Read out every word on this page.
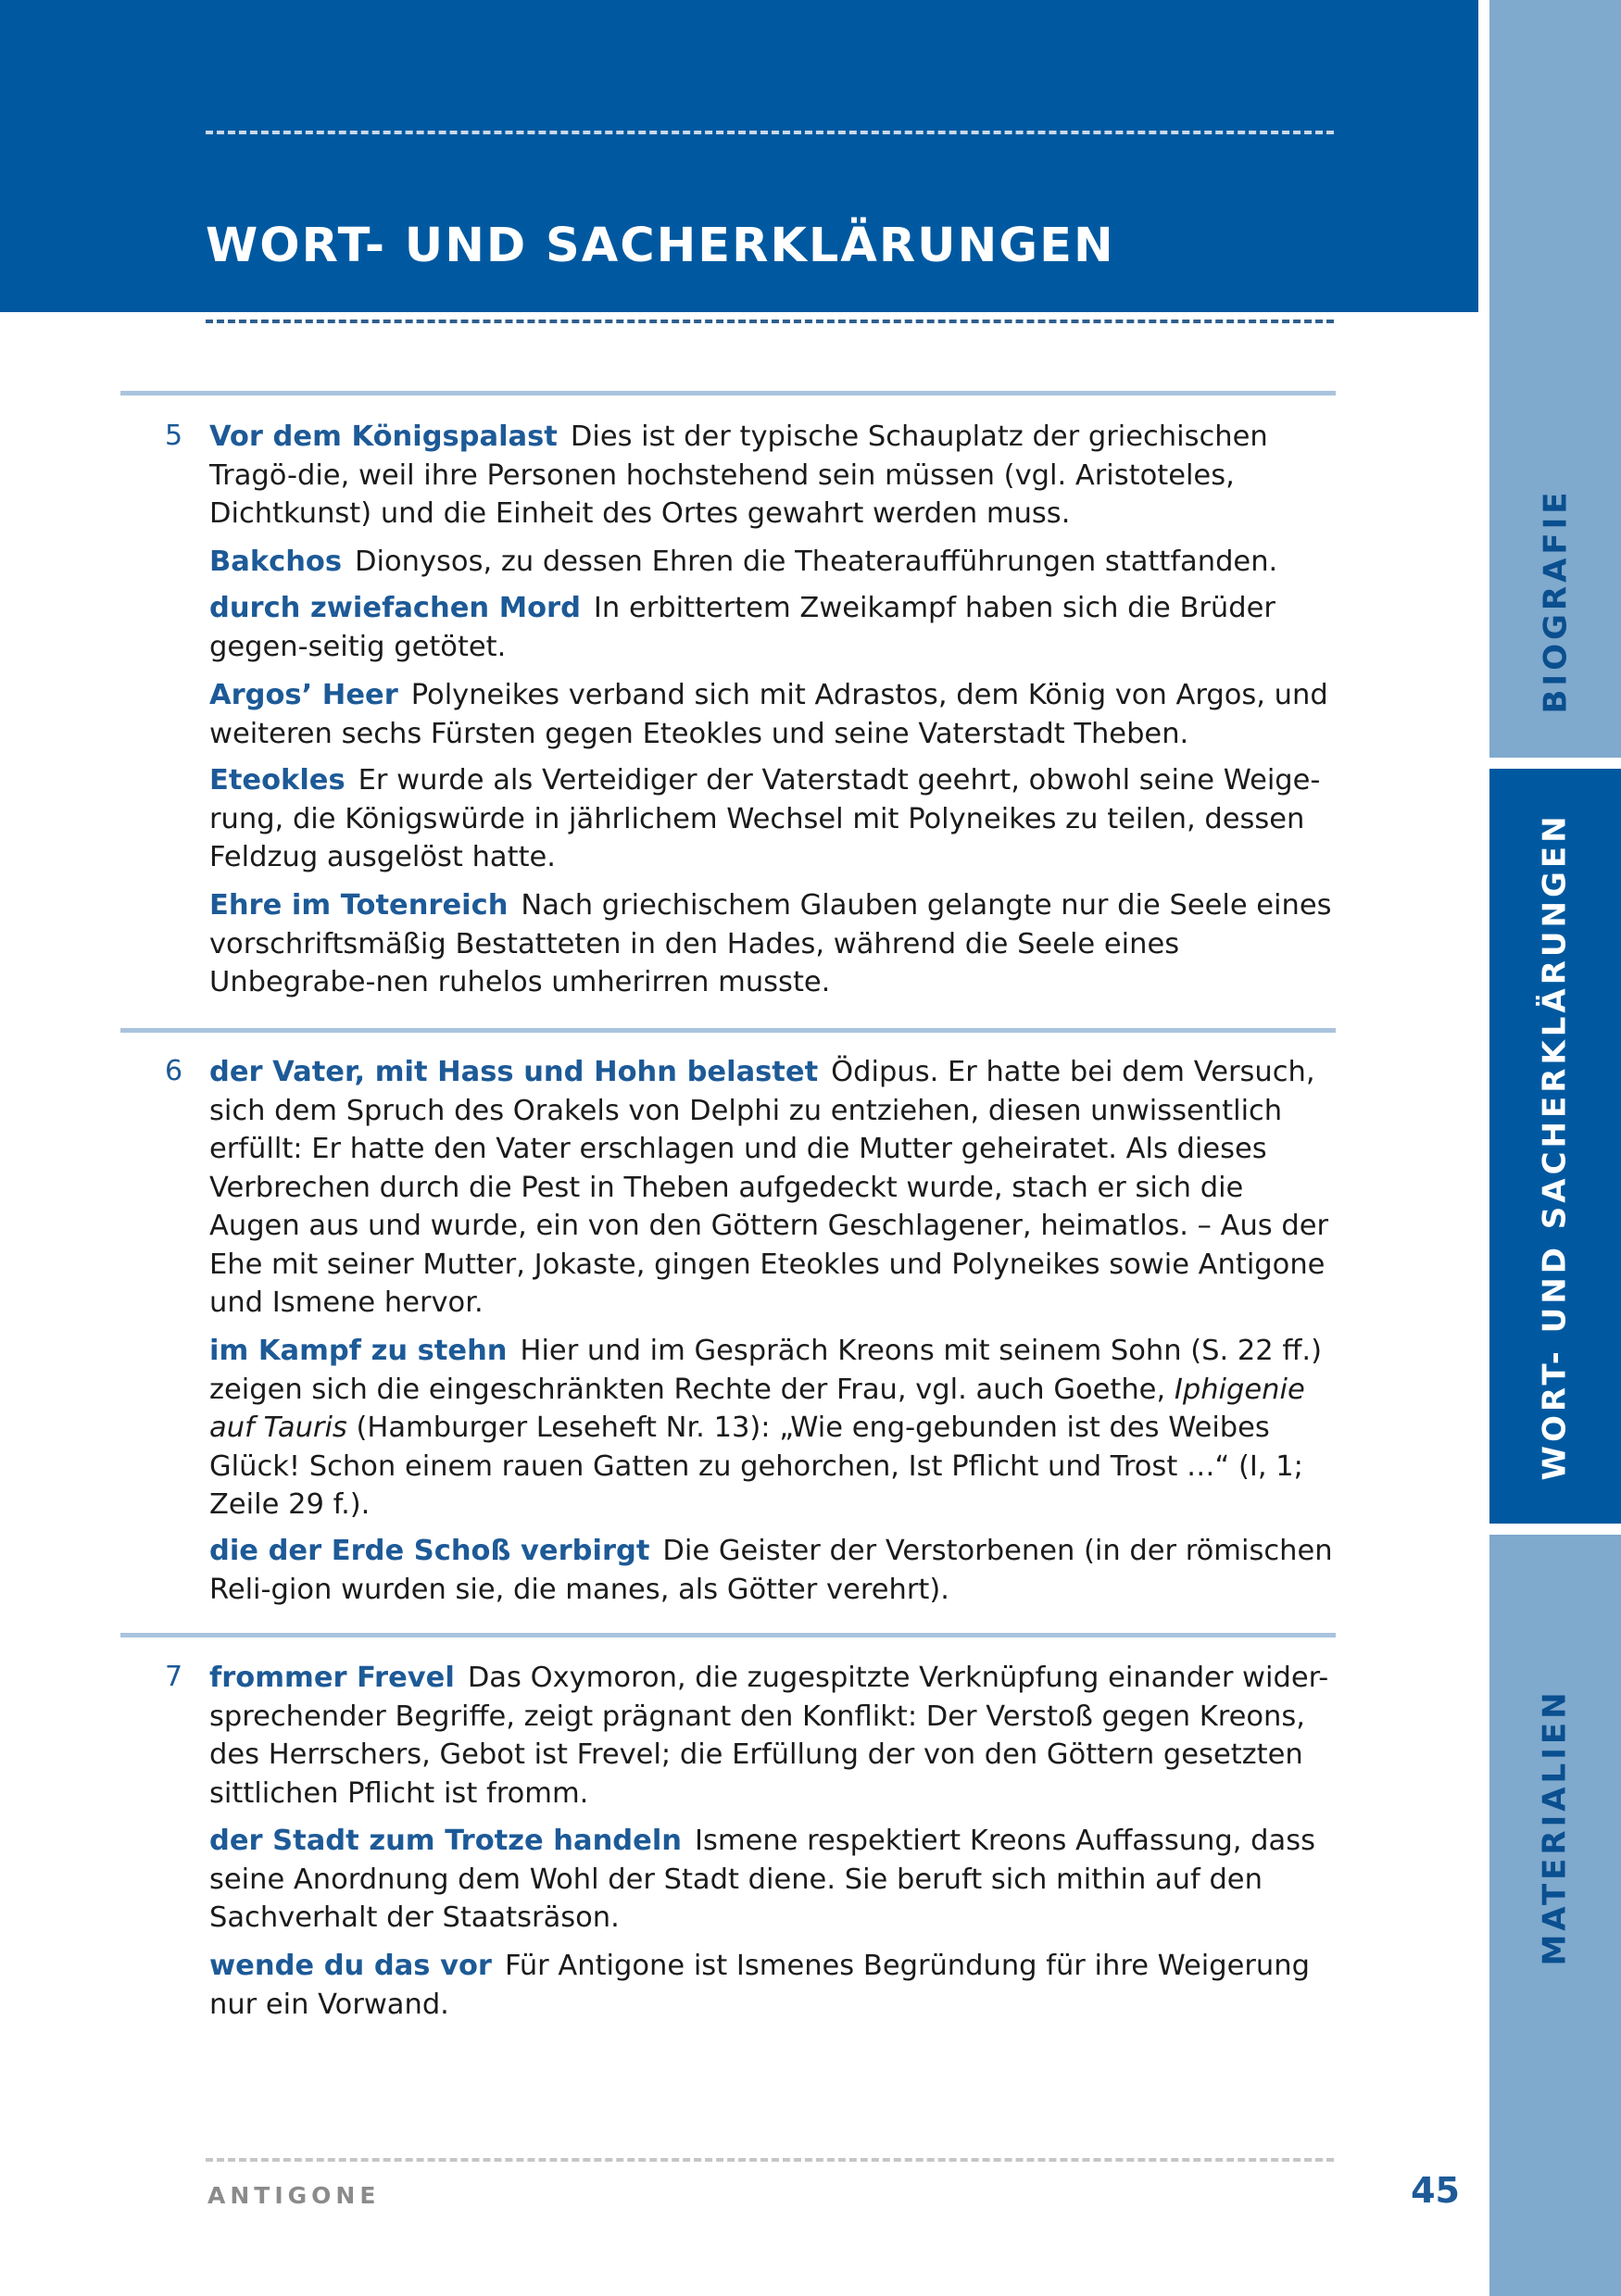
WORT- UND SACHERKLÄRUNGEN
BIOGRAFIE
WORT- UND SACHERKLÄRUNGEN
MATERIALIEN
5 Vor dem Königspalast Dies ist der typische Schauplatz der griechischen Tragö-die, weil ihre Personen hochstehend sein müssen (vgl. Aristoteles, Dichtkunst) und die Einheit des Ortes gewahrt werden muss.
Bakchos Dionysos, zu dessen Ehren die Theateraufführungen stattfanden.
durch zwiefachen Mord In erbittertem Zweikampf haben sich die Brüder gegen-seitig getötet.
Argos’ Heer Polyneikes verband sich mit Adrastos, dem König von Argos, und weiteren sechs Fürsten gegen Eteokles und seine Vaterstadt Theben.
Eteokles Er wurde als Verteidiger der Vaterstadt geehrt, obwohl seine Weige-rung, die Königswürde in jährlichem Wechsel mit Polyneikes zu teilen, dessen Feldzug ausgelöst hatte.
Ehre im Totenreich Nach griechischem Glauben gelangte nur die Seele eines vorschriftsmäßig Bestatteten in den Hades, während die Seele eines Unbegrabe-nen ruhelos umherirren musste.
6 der Vater, mit Hass und Hohn belastet Ödipus. Er hatte bei dem Versuch, sich dem Spruch des Orakels von Delphi zu entziehen, diesen unwissentlich erfüllt: Er hatte den Vater erschlagen und die Mutter geheiratet. Als dieses Verbrechen durch die Pest in Theben aufgedeckt wurde, stach er sich die Augen aus und wurde, ein von den Göttern Geschlagener, heimatlos. – Aus der Ehe mit seiner Mutter, Jokaste, gingen Eteokles und Polyneikes sowie Antigone und Ismene hervor.
im Kampf zu stehn Hier und im Gespräch Kreons mit seinem Sohn (S. 22 ff.) zeigen sich die eingeschränkten Rechte der Frau, vgl. auch Goethe, Iphigenie auf Tauris (Hamburger Leseheft Nr. 13): „Wie eng-gebunden ist des Weibes Glück! Schon einem rauen Gatten zu gehorchen, Ist Pflicht und Trost …“ (I, 1; Zeile 29 f.).
die der Erde Schoß verbirgt Die Geister der Verstorbenen (in der römischen Reli-gion wurden sie, die manes, als Götter verehrt).
7 frommer Frevel Das Oxymoron, die zugespitzte Verknüpfung einander wider-sprechender Begriffe, zeigt prägnant den Konflikt: Der Verstoß gegen Kreons, des Herrschers, Gebot ist Frevel; die Erfüllung der von den Göttern gesetzten sittlichen Pflicht ist fromm.
der Stadt zum Trotze handeln Ismene respektiert Kreons Auffassung, dass seine Anordnung dem Wohl der Stadt diene. Sie beruft sich mithin auf den Sachverhalt der Staatsräson.
wende du das vor Für Antigone ist Ismenes Begründung für ihre Weigerung nur ein Vorwand.
ANTIGONE	45
